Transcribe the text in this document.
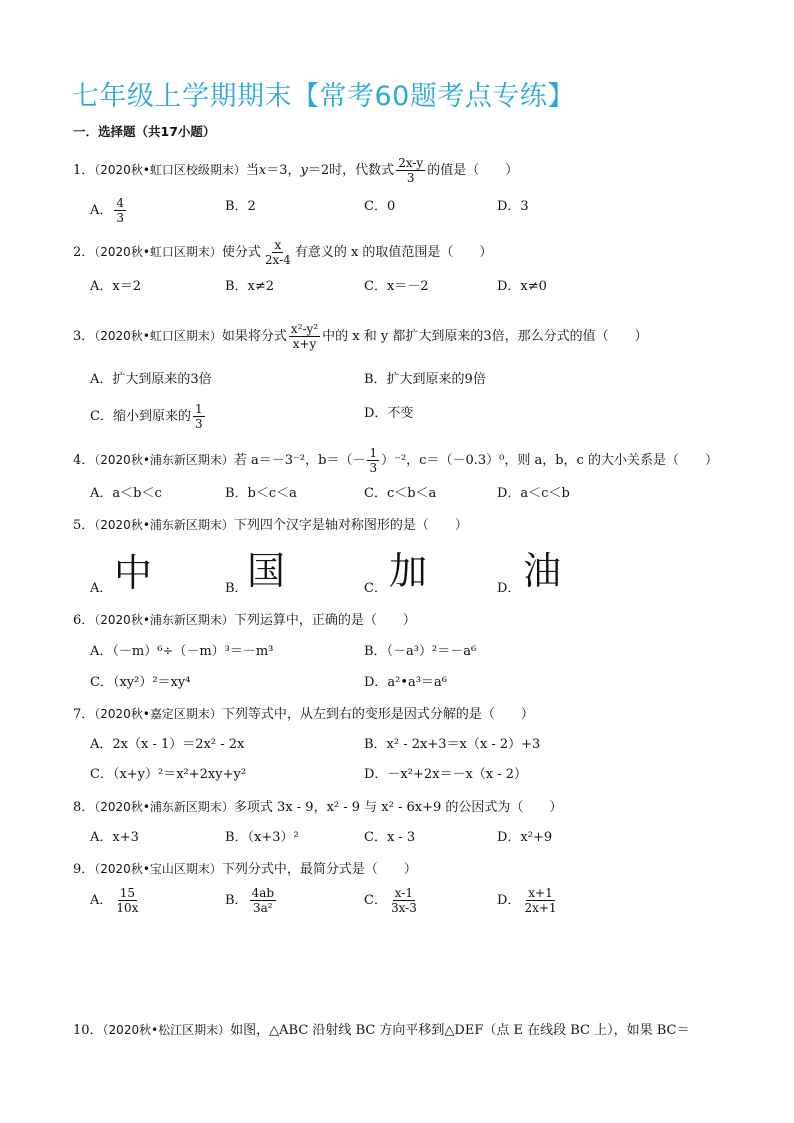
七年级上学期期末【常考60题考点专练】
一．选择题（共17小题）
1．（2020秋•虹口区校级期末）当x＝3，y＝2时，代数式 $\frac{2x-y}{3}$ 的值是（　　）
A． $\frac{4}{3}$	B．2	C．0	D．3
2．（2020秋•虹口区期末）使分式 $\frac{x}{2x-4}$ 有意义的 x 的取值范围是（　　）
A．x＝2	B．x≠2	C．x＝－2	D．x≠0
3．（2020秋•虹口区期末）如果将分式 $\frac{\text{x²-y²}}{x+y}$ 中的 x 和 y 都扩大到原来的3倍，那么分式的值（　　）
A．扩大到原来的3倍	B．扩大到原来的9倍
C．缩小到原来的 $\frac{1}{3}$	D．不变
4．（2020秋•浦东新区期末）若 a＝－3⁻²，$b=(- \frac{1}{3} )^{-2}$，c＝（－0.3）⁰，则 a，b，c 的大小关系是（　　）
A．a＜b＜c	B．b＜c＜a	C．c＜b＜a	D．a＜c＜b
5．（2020秋•浦东新区期末）下列四个汉字是轴对称图形的是（　　）
A． 中	B． 国	C． 加	D． 油
6．（2020秋•浦东新区期末）下列运算中，正确的是（　　）
A．（－m）⁶÷（－m）³＝－m³	B．（－a³）²＝－a⁶
C．（xy²）²＝xy⁴	D．a²•a³＝a⁶
7．（2020秋•嘉定区期末）下列等式中，从左到右的变形是因式分解的是（　　）
A．2x（x - 1）＝2x² - 2x	B．x² - 2x+3＝x（x - 2）+3
C．（x+y）²＝x²+2xy+y²	D．－x²+2x＝－x（x - 2）
8．（2020秋•浦东新区期末）多项式 3x - 9，x² - 9 与 x² - 6x+9 的公因式为（　　）
A．x+3	B．（x+3）²	C．x - 3	D．x²+9
9．（2020秋•宝山区期末）下列分式中，最简分式是（　　）
A． $\frac{15}{10x}$	B． $\frac{4ab}{\text{3a²}}$	C． $\frac{x-1}{3x-3}$	D． $\frac{x+1}{2x+1}$
10．（2020秋•松江区期末）如图，△ABC 沿射线 BC 方向平移到△DEF（点 E 在线段 BC 上），如果 BC＝
